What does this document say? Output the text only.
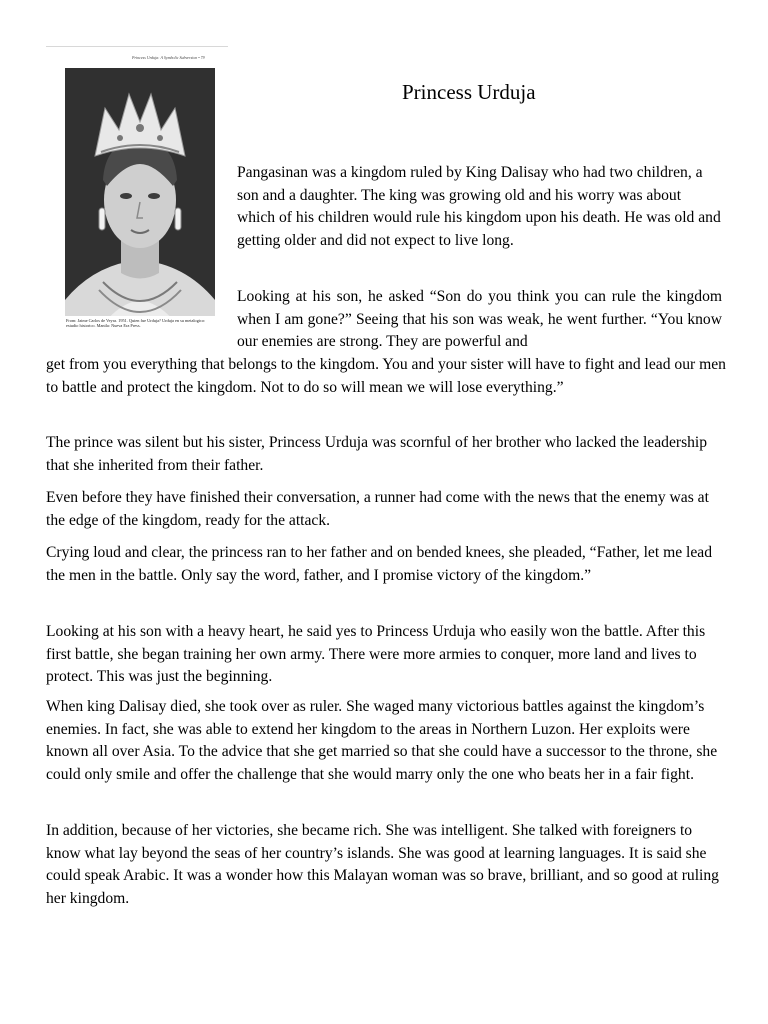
Princess Urduja: A Symbolic Subversion • 79
From: Jaime Carlos de Veyra. 1951. Quien fue Urduja? Urduja en su metalogico: estudio historico. Manila: Nueva Era Press.
Princess Urduja

Pangasinan was a kingdom ruled by King Dalisay who had two children, a son and a daughter. The king was growing old and his worry was about which of his children would rule his kingdom upon his death. He was old and getting older and did not expect to live long.

Looking at his son, he asked “Son do you think you can rule the kingdom when I am gone?” Seeing that his son was weak, he went further. “You know our enemies are strong. They are powerful and

get from you everything that belongs to the kingdom. You and your sister will have to fight and lead our men to battle and protect the kingdom. Not to do so will mean we will lose everything.”

The prince was silent but his sister, Princess Urduja was scornful of her brother who lacked the leadership that she inherited from their father.

Even before they have finished their conversation, a runner had come with the news that the enemy was at the edge of the kingdom, ready for the attack.

Crying loud and clear, the princess ran to her father and on bended knees, she pleaded, “Father, let me lead the men in the battle. Only say the word, father, and I promise victory of the kingdom.”

Looking at his son with a heavy heart, he said yes to Princess Urduja who easily won the battle. After this first battle, she began training her own army. There were more armies to conquer, more land and lives to protect. This was just the beginning.

When king Dalisay died, she took over as ruler. She waged many victorious battles against the kingdom’s enemies. In fact, she was able to extend her kingdom to the areas in Northern Luzon. Her exploits were known all over Asia. To the advice that she get married so that she could have a successor to the throne, she could only smile and offer the challenge that she would marry only the one who beats her in a fair fight.

In addition, because of her victories, she became rich. She was intelligent. She talked with foreigners to know what lay beyond the seas of her country’s islands. She was good at learning languages. It is said she could speak Arabic. It was a wonder how this Malayan woman was so brave, brilliant, and so good at ruling her kingdom.
